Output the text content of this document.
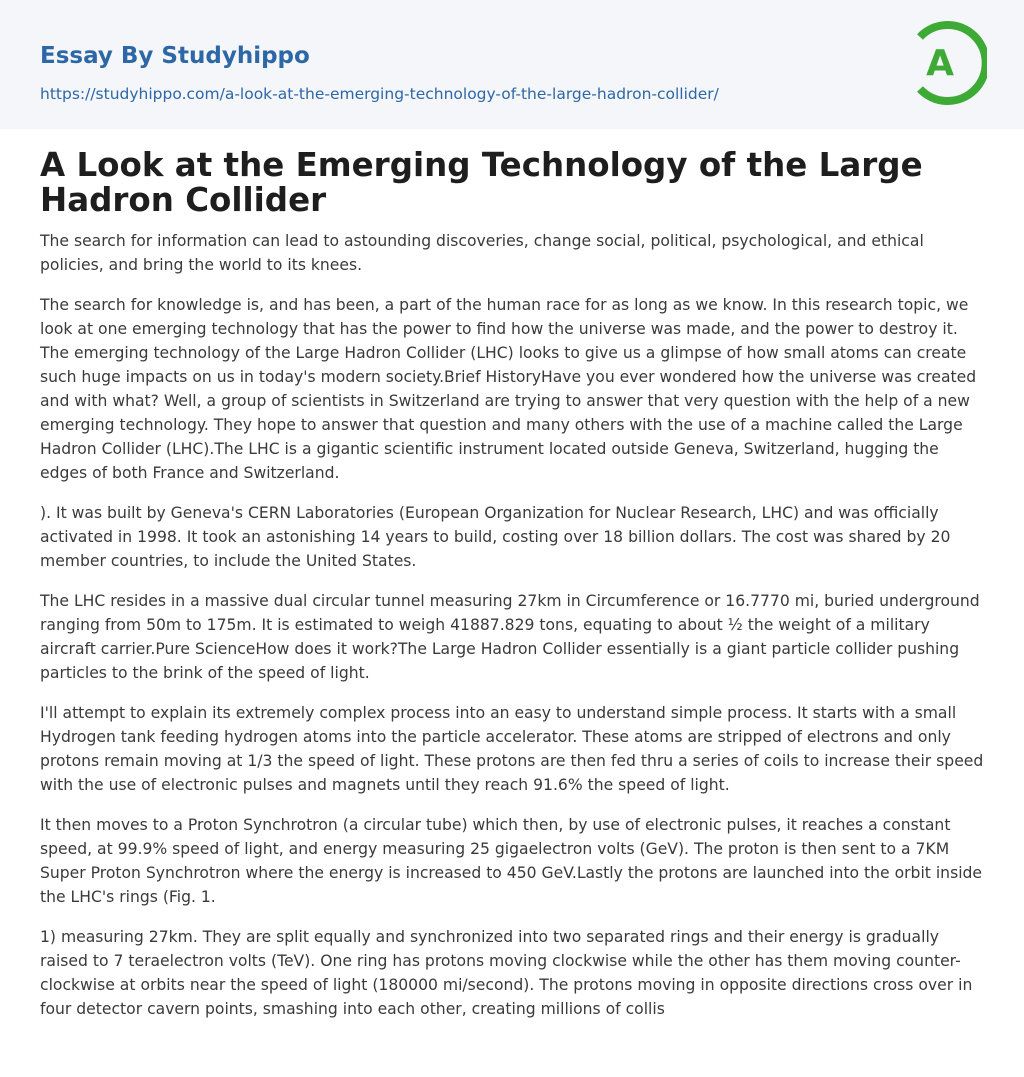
Essay By Studyhippo
https://studyhippo.com/a-look-at-the-emerging-technology-of-the-large-hadron-collider/
A
A Look at the Emerging Technology of the Large Hadron Collider

The search for information can lead to astounding discoveries, change social, political, psychological, and ethical policies, and bring the world to its knees.

The search for knowledge is, and has been, a part of the human race for as long as we know. In this research topic, we look at one emerging technology that has the power to find how the universe was made, and the power to destroy it. The emerging technology of the Large Hadron Collider (LHC) looks to give us a glimpse of how small atoms can create such huge impacts on us in today's modern society.Brief HistoryHave you ever wondered how the universe was created and with what? Well, a group of scientists in Switzerland are trying to answer that very question with the help of a new emerging technology. They hope to answer that question and many others with the use of a machine called the Large Hadron Collider (LHC).The LHC is a gigantic scientific instrument located outside Geneva, Switzerland, hugging the edges of both France and Switzerland.

). It was built by Geneva's CERN Laboratories (European Organization for Nuclear Research, LHC) and was officially activated in 1998. It took an astonishing 14 years to build, costing over 18 billion dollars. The cost was shared by 20 member countries, to include the United States.

The LHC resides in a massive dual circular tunnel measuring 27km in Circumference or 16.7770 mi, buried underground ranging from 50m to 175m. It is estimated to weigh 41887.829 tons, equating to about ½ the weight of a military aircraft carrier.Pure ScienceHow does it work?The Large Hadron Collider essentially is a giant particle collider pushing particles to the brink of the speed of light.

I'll attempt to explain its extremely complex process into an easy to understand simple process. It starts with a small Hydrogen tank feeding hydrogen atoms into the particle accelerator. These atoms are stripped of electrons and only protons remain moving at 1/3 the speed of light. These protons are then fed thru a series of coils to increase their speed with the use of electronic pulses and magnets until they reach 91.6% the speed of light.

It then moves to a Proton Synchrotron (a circular tube) which then, by use of electronic pulses, it reaches a constant speed, at 99.9% speed of light, and energy measuring 25 gigaelectron volts (GeV). The proton is then sent to a 7KM Super Proton Synchrotron where the energy is increased to 450 GeV.Lastly the protons are launched into the orbit inside the LHC's rings (Fig. 1.

1) measuring 27km. They are split equally and synchronized into two separated rings and their energy is gradually raised to 7 teraelectron volts (TeV). One ring has protons moving clockwise while the other has them moving counter-clockwise at orbits near the speed of light (180000 mi/second). The protons moving in opposite directions cross over in four detector cavern points, smashing into each other, creating millions of collis
